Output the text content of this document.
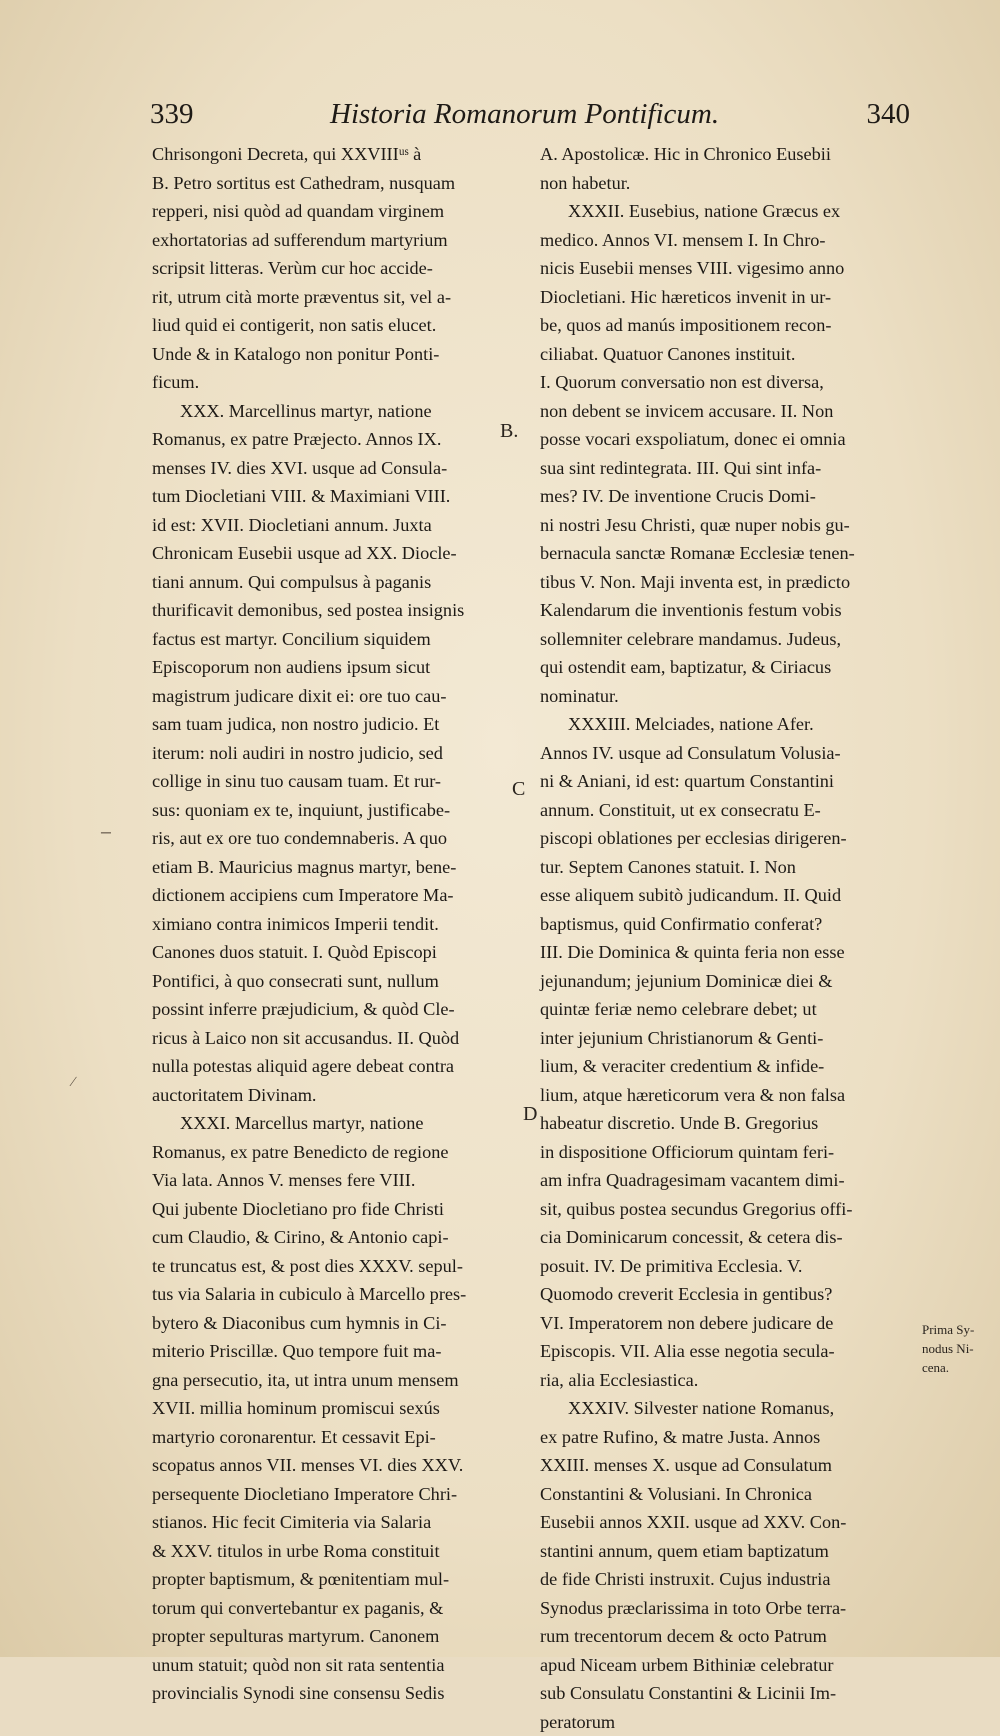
339	Historia Romanorum Pontificum.	340
Chrisongoni Decreta, qui XXVIIIᵘˢ à
B. Petro sortitus est Cathedram, nusquam
repperi, nisi quòd ad quandam virginem
exhortatorias ad sufferendum martyrium
scripsit litteras. Verùm cur hoc accide-
rit, utrum cità morte præventus sit, vel a-
liud quid ei contigerit, non satis elucet.
Unde & in Katalogo non ponitur Ponti-
ficum.
XXX. Marcellinus martyr, natione
Romanus, ex patre Præjecto. Annos IX.
menses IV. dies XVI. usque ad Consula-
tum Diocletiani VIII. & Maximiani VIII.
id est: XVII. Diocletiani annum. Juxta
Chronicam Eusebii usque ad XX. Diocle-
tiani annum. Qui compulsus à paganis
thurificavit demonibus, sed postea insignis
factus est martyr. Concilium siquidem
Episcoporum non audiens ipsum sicut
magistrum judicare dixit ei: ore tuo cau-
sam tuam judica, non nostro judicio. Et
iterum: noli audiri in nostro judicio, sed
collige in sinu tuo causam tuam. Et rur-
sus: quoniam ex te, inquiunt, justificabe-
ris, aut ex ore tuo condemnaberis. A quo
etiam B. Mauricius magnus martyr, bene-
dictionem accipiens cum Imperatore Ma-
ximiano contra inimicos Imperii tendit.
Canones duos statuit. I. Quòd Episcopi
Pontifici, à quo consecrati sunt, nullum
possint inferre præjudicium, & quòd Cle-
ricus à Laico non sit accusandus. II. Quòd
nulla potestas aliquid agere debeat contra
auctoritatem Divinam.
XXXI. Marcellus martyr, natione
Romanus, ex patre Benedicto de regione
Via lata. Annos V. menses fere VIII.
Qui jubente Diocletiano pro fide Christi
cum Claudio, & Cirino, & Antonio capi-
te truncatus est, & post dies XXXV. sepul-
tus via Salaria in cubiculo à Marcello pres-
bytero & Diaconibus cum hymnis in Ci-
miterio Priscillæ. Quo tempore fuit ma-
gna persecutio, ita, ut intra unum mensem
XVII. millia hominum promiscui sexús
martyrio coronarentur. Et cessavit Epi-
scopatus annos VII. menses VI. dies XXV.
persequente Diocletiano Imperatore Chri-
stianos. Hic fecit Cimiteria via Salaria
& XXV. titulos in urbe Roma constituit
propter baptismum, & pœnitentiam mul-
torum qui convertebantur ex paganis, &
propter sepulturas martyrum. Canonem
unum statuit; quòd non sit rata sententia
provincialis Synodi sine consensu Sedis
A. Apostolicæ. Hic in Chronico Eusebii
non habetur.
XXXII. Eusebius, natione Græcus ex
medico. Annos VI. mensem I. In Chro-
nicis Eusebii menses VIII. vigesimo anno
Diocletiani. Hic hæreticos invenit in ur-
be, quos ad manús impositionem recon-
ciliabat. Quatuor Canones instituit.
I. Quorum conversatio non est diversa,
non debent se invicem accusare. II. Non
posse vocari exspoliatum, donec ei omnia
sua sint redintegrata. III. Qui sint infa-
mes? IV. De inventione Crucis Domi-
ni nostri Jesu Christi, quæ nuper nobis gu-
bernacula sanctæ Romanæ Ecclesiæ tenen-
tibus V. Non. Maji inventa est, in prædicto
Kalendarum die inventionis festum vobis
sollemniter celebrare mandamus. Judeus,
qui ostendit eam, baptizatur, & Ciriacus
nominatur.
XXXIII. Melciades, natione Afer.
Annos IV. usque ad Consulatum Volusia-
ni & Aniani, id est: quartum Constantini
annum. Constituit, ut ex consecratu E-
piscopi oblationes per ecclesias dirigeren-
tur. Septem Canones statuit. I. Non
esse aliquem subitò judicandum. II. Quid
baptismus, quid Confirmatio conferat?
III. Die Dominica & quinta feria non esse
jejunandum; jejunium Dominicæ diei &
quintæ feriæ nemo celebrare debet; ut
inter jejunium Christianorum & Genti-
lium, & veraciter credentium & infide-
lium, atque hæreticorum vera & non falsa
habeatur discretio. Unde B. Gregorius
in dispositione Officiorum quintam feri-
am infra Quadragesimam vacantem dimi-
sit, quibus postea secundus Gregorius offi-
cia Dominicarum concessit, & cetera dis-
posuit. IV. De primitiva Ecclesia. V.
Quomodo creverit Ecclesia in gentibus?
VI. Imperatorem non debere judicare de
Episcopis. VII. Alia esse negotia secula-
ria, alia Ecclesiastica.
XXXIV. Silvester natione Romanus,
ex patre Rufino, & matre Justa. Annos
XXIII. menses X. usque ad Consulatum
Constantini & Volusiani. In Chronica
Eusebii annos XXII. usque ad XXV. Con-
stantini annum, quem etiam baptizatum
de fide Christi instruxit. Cujus industria
Synodus præclarissima in toto Orbe terra-
rum trecentorum decem & octo Patrum
apud Niceam urbem Bithiniæ celebratur
sub Consulatu Constantini & Licinii Im-
peratorum
B.
C
D
Prima Sy-
nodus Ni-
cena.
─
∕
